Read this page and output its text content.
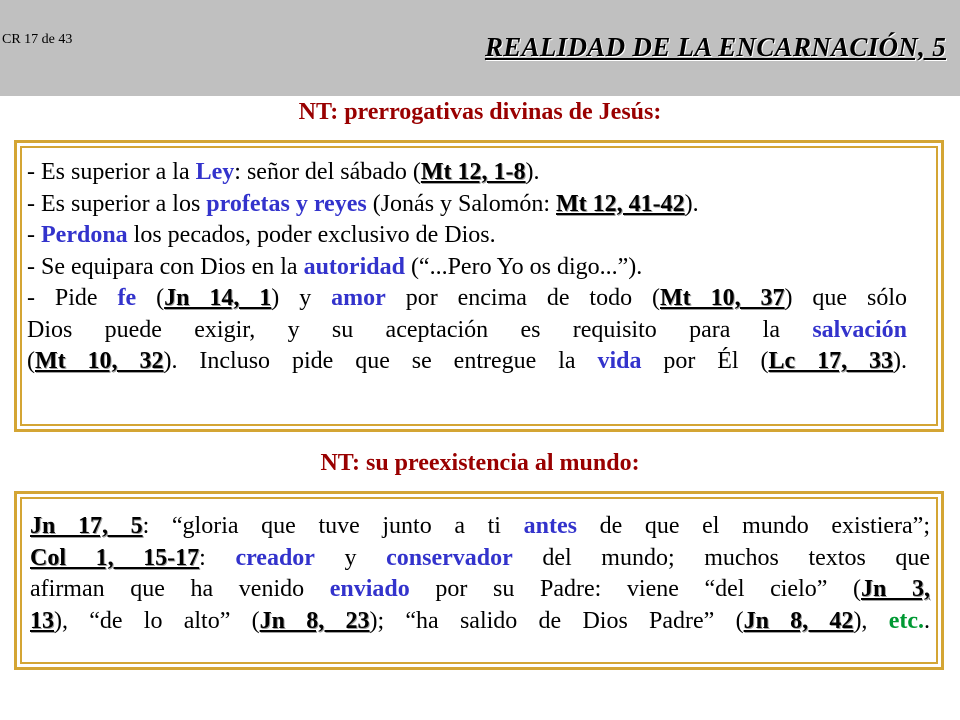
CR 17 de 43	REALIDAD DE LA ENCARNACIÓN, 5
NT: prerrogativas divinas de Jesús:
- Es superior a la Ley: señor del sábado (Mt 12, 1-8).
- Es superior a los profetas y reyes (Jonás y Salomón: Mt 12, 41-42).
- Perdona los pecados, poder exclusivo de Dios.
- Se equipara con Dios en la autoridad (“...Pero Yo os digo...”).
- Pide fe (Jn 14, 1) y amor por encima de todo (Mt 10, 37) que sólo
Dios puede exigir, y su aceptación es requisito para la salvación
(Mt 10, 32). Incluso pide que se entregue la vida por Él (Lc 17, 33).
NT: su preexistencia al mundo:
Jn 17, 5: “gloria que tuve junto a ti antes de que el mundo existiera”;
Col 1, 15-17: creador y conservador del mundo; muchos textos que
afirman que ha venido enviado por su Padre: viene “del cielo” (Jn 3,
13), “de lo alto” (Jn 8, 23); “ha salido de Dios Padre” (Jn 8, 42), etc..
